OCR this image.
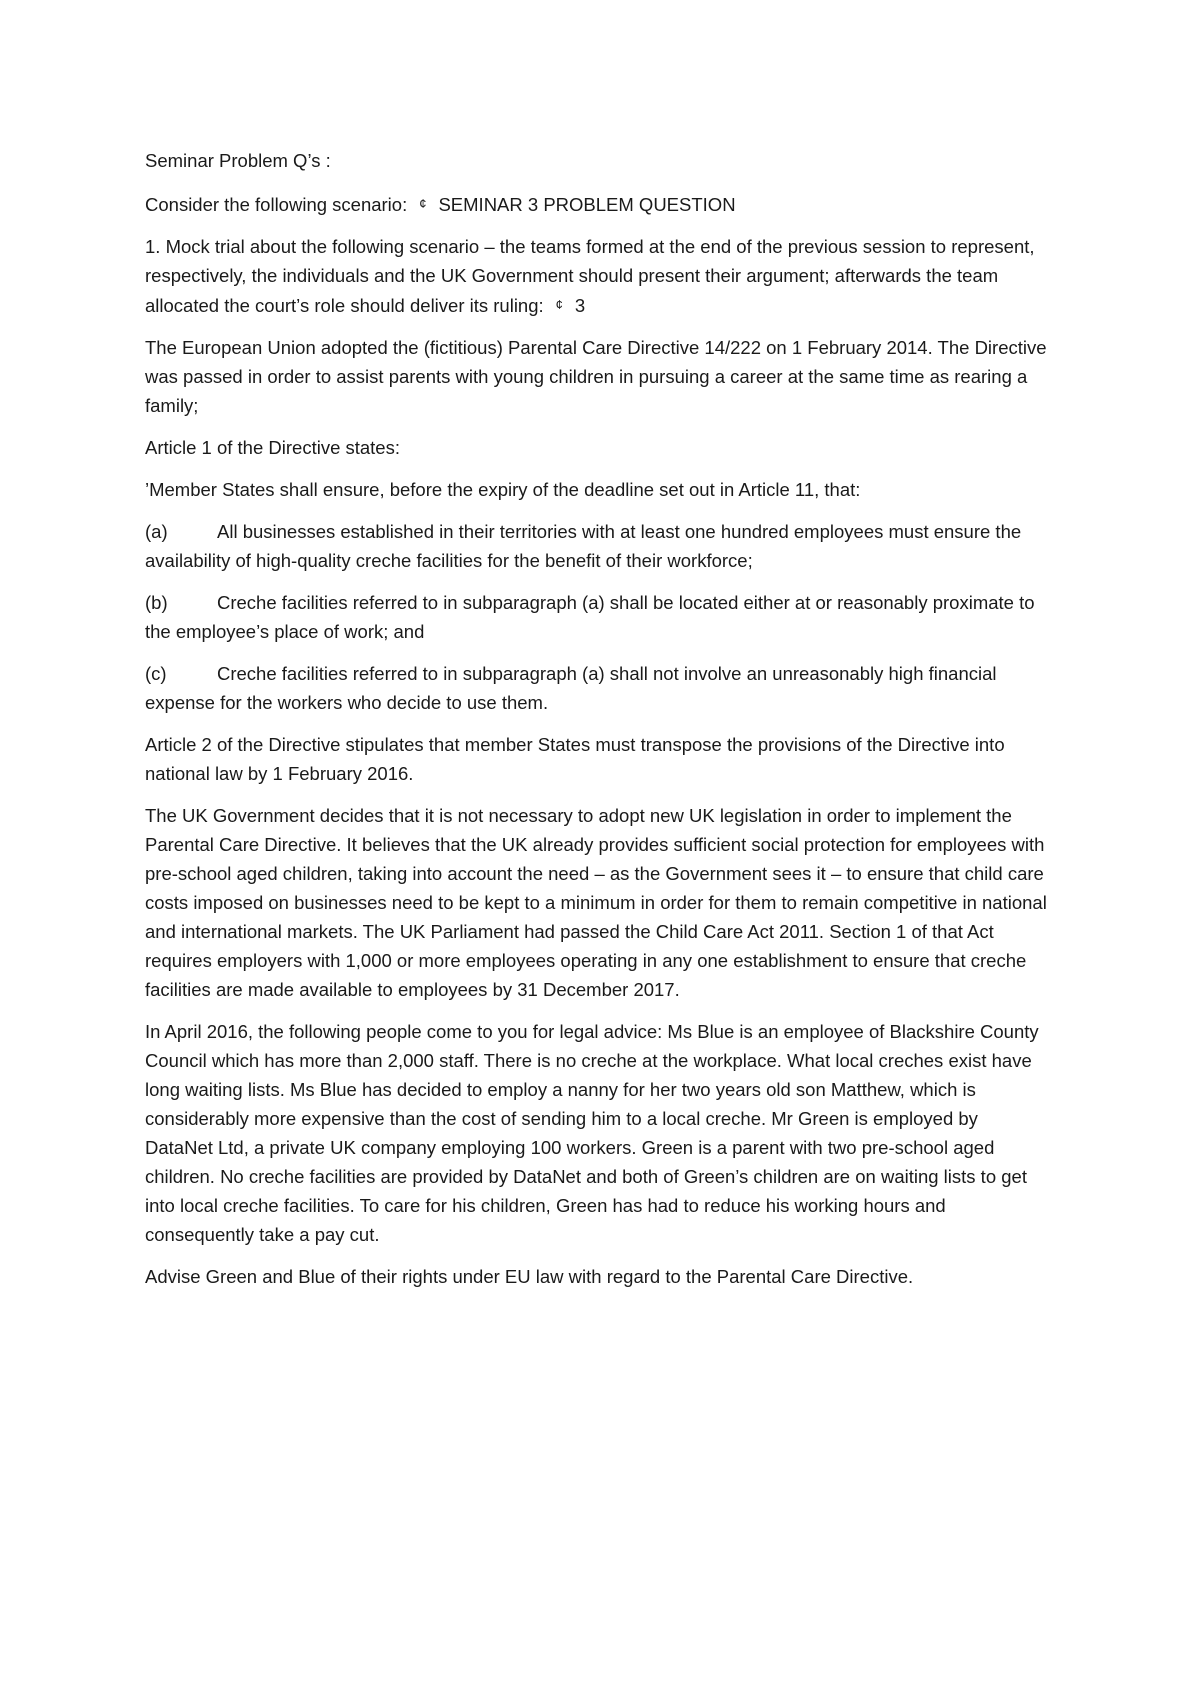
Seminar Problem Q’s :

Consider the following scenario: ¢ SEMINAR 3 PROBLEM QUESTION

1. Mock trial about the following scenario – the teams formed at the end of the previous session to represent, respectively, the individuals and the UK Government should present their argument; afterwards the team allocated the court’s role should deliver its ruling: ¢ 3

The European Union adopted the (fictitious) Parental Care Directive 14/222 on 1 February 2014. The Directive was passed in order to assist parents with young children in pursuing a career at the same time as rearing a family;

Article 1 of the Directive states:

’Member States shall ensure, before the expiry of the deadline set out in Article 11, that:

(a)	All businesses established in their territories with at least one hundred employees must ensure the availability of high-quality creche facilities for the benefit of their workforce;

(b)	Creche facilities referred to in subparagraph (a) shall be located either at or reasonably proximate to the employee’s place of work; and

(c)	Creche facilities referred to in subparagraph (a) shall not involve an unreasonably high financial expense for the workers who decide to use them.

Article 2 of the Directive stipulates that member States must transpose the provisions of the Directive into national law by 1 February 2016.

The UK Government decides that it is not necessary to adopt new UK legislation in order to implement the Parental Care Directive. It believes that the UK already provides sufficient social protection for employees with pre-school aged children, taking into account the need – as the Government sees it – to ensure that child care costs imposed on businesses need to be kept to a minimum in order for them to remain competitive in national and international markets. The UK Parliament had passed the Child Care Act 2011. Section 1 of that Act requires employers with 1,000 or more employees operating in any one establishment to ensure that creche facilities are made available to employees by 31 December 2017.

In April 2016, the following people come to you for legal advice: Ms Blue is an employee of Blackshire County Council which has more than 2,000 staff. There is no creche at the workplace. What local creches exist have long waiting lists. Ms Blue has decided to employ a nanny for her two years old son Matthew, which is considerably more expensive than the cost of sending him to a local creche. Mr Green is employed by DataNet Ltd, a private UK company employing 100 workers. Green is a parent with two pre-school aged children. No creche facilities are provided by DataNet and both of Green’s children are on waiting lists to get into local creche facilities. To care for his children, Green has had to reduce his working hours and consequently take a pay cut.

Advise Green and Blue of their rights under EU law with regard to the Parental Care Directive.
